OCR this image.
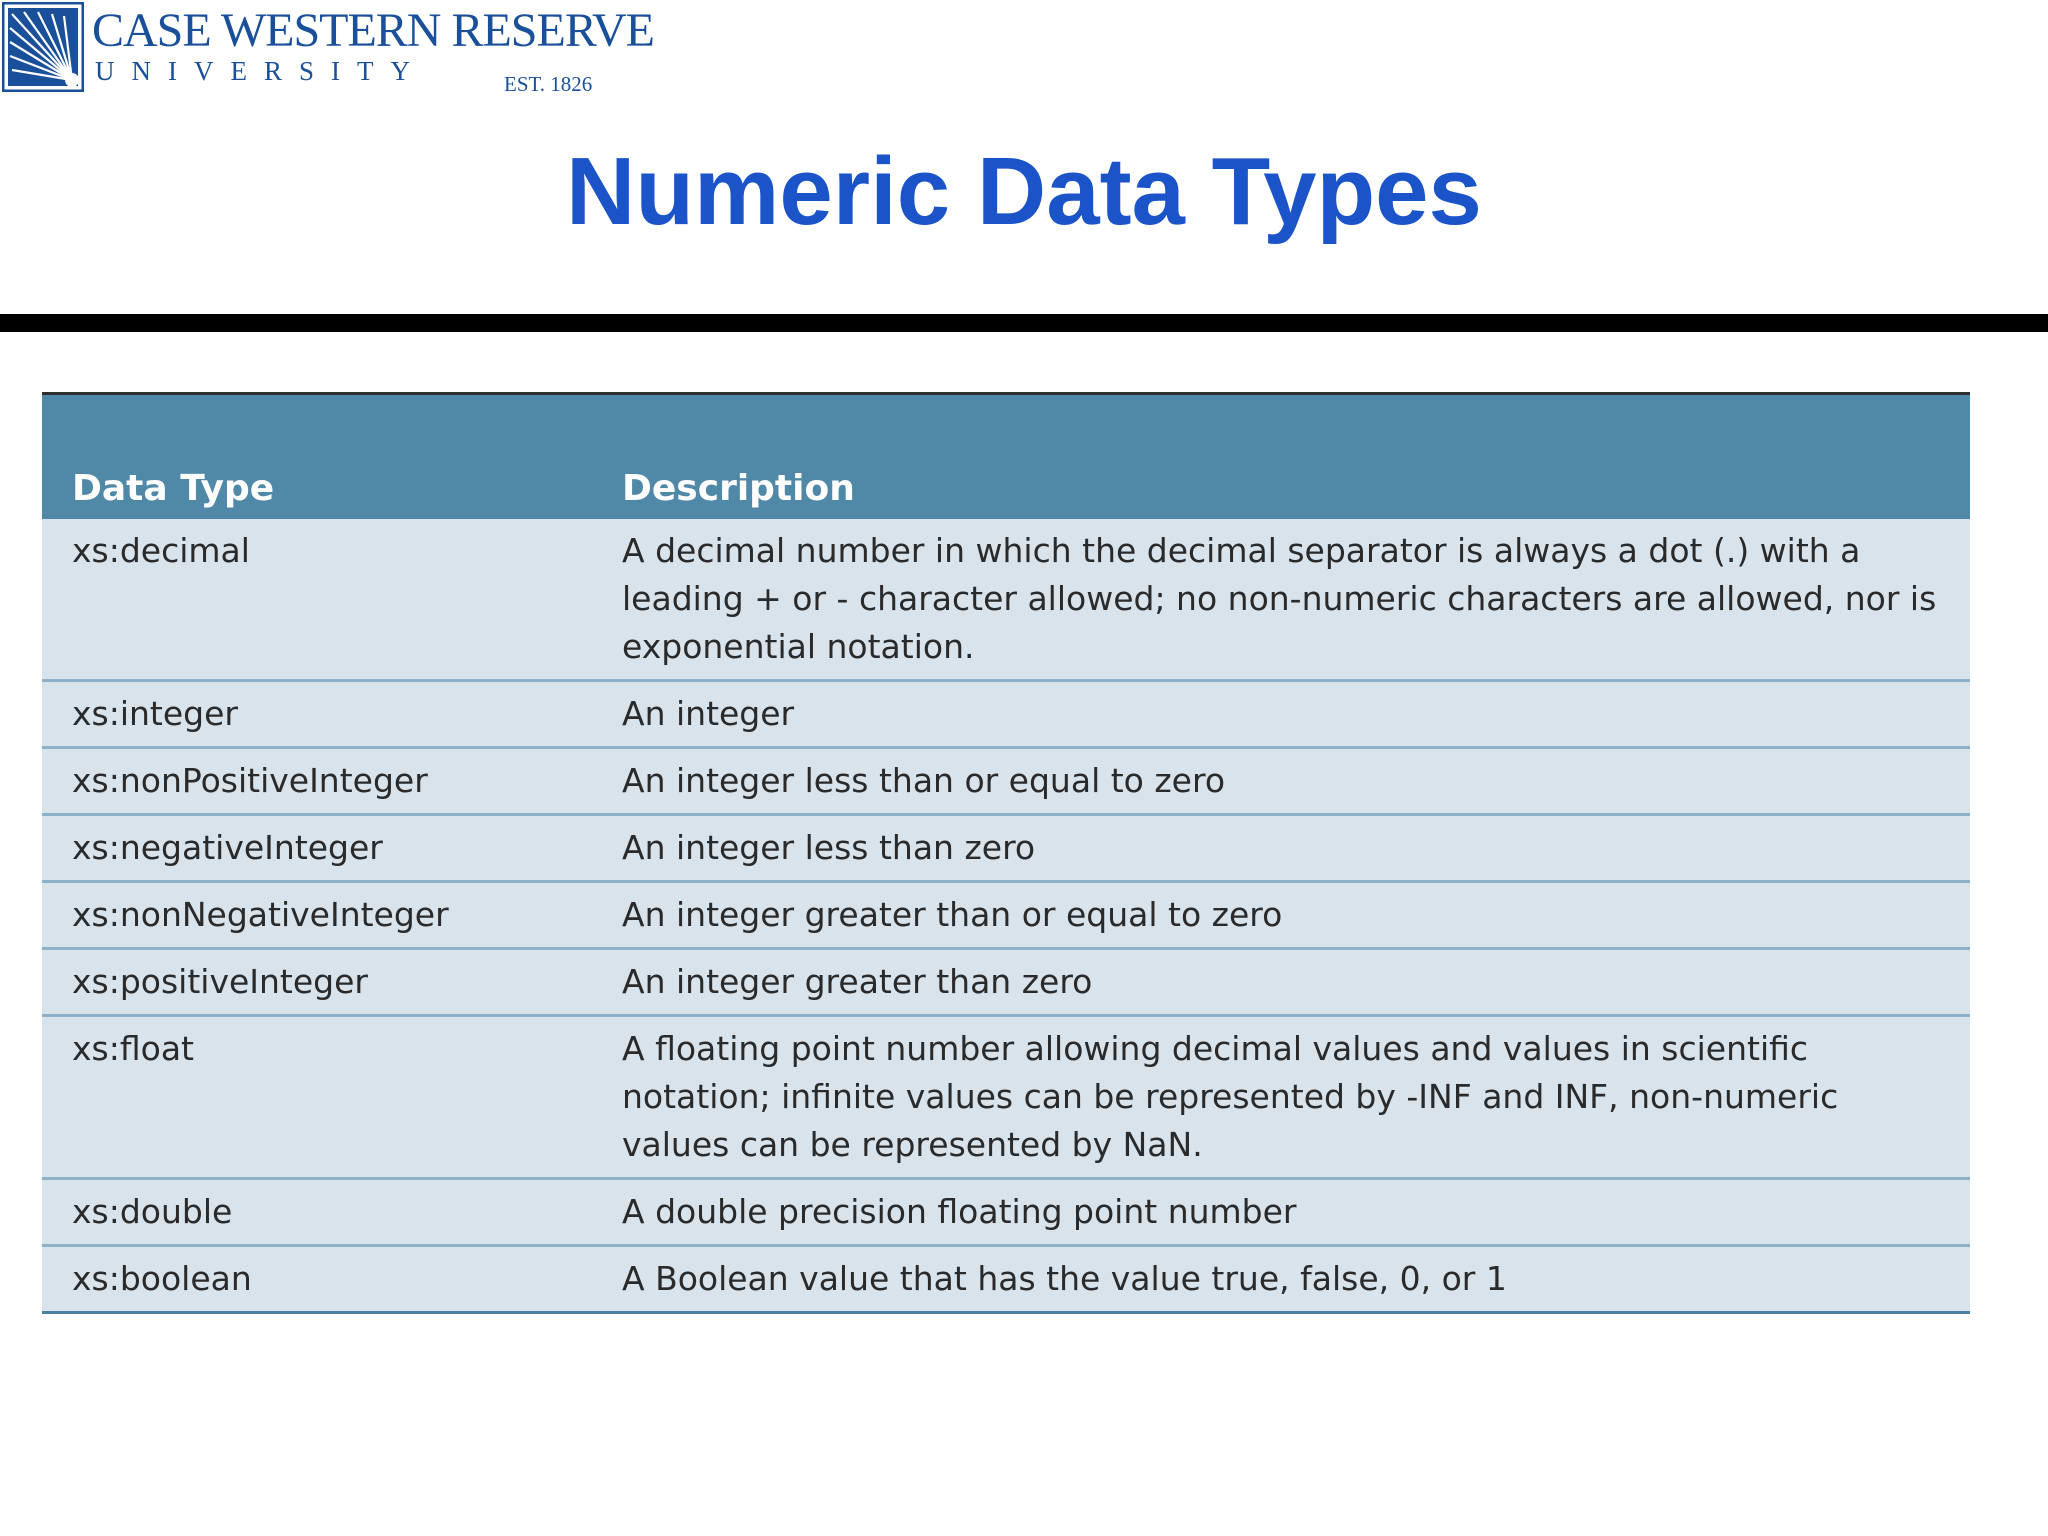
CASE WESTERN RESERVE
UNIVERSITY	EST. 1826
Numeric Data Types
Data Type	Description
xs:decimal	A decimal number in which the decimal separator is always a dot (.) with a leading + or - character allowed; no non-numeric characters are allowed, nor is exponential notation.
xs:integer	An integer
xs:nonPositiveInteger	An integer less than or equal to zero
xs:negativeInteger	An integer less than zero
xs:nonNegativeInteger	An integer greater than or equal to zero
xs:positiveInteger	An integer greater than zero
xs:float	A floating point number allowing decimal values and values in scientific notation; infinite values can be represented by -INF and INF, non-numeric values can be represented by NaN.
xs:double	A double precision floating point number
xs:boolean	A Boolean value that has the value true, false, 0, or 1
